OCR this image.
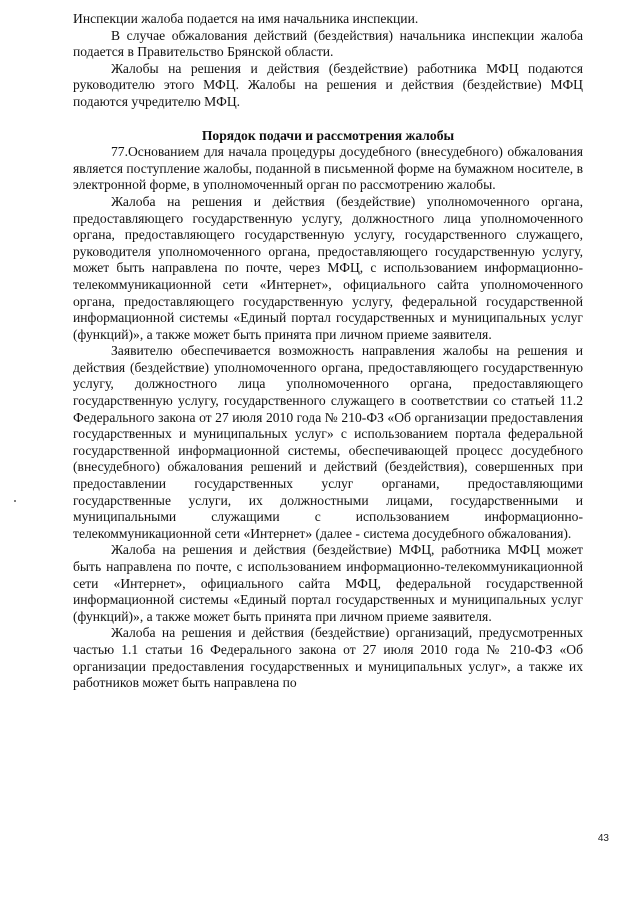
Инспекции жалоба подается на имя начальника инспекции.

В случае обжалования действий (бездействия) начальника инспекции жалоба подается в Правительство Брянской области.

Жалобы на решения и действия (бездействие) работника МФЦ подаются руководителю этого МФЦ. Жалобы на решения и действия (бездействие) МФЦ подаются учредителю МФЦ.

Порядок подачи и рассмотрения жалобы

77.Основанием для начала процедуры досудебного (внесудебного) обжалования является поступление жалобы, поданной в письменной форме на бумажном носителе, в электронной форме, в уполномоченный орган по рассмотрению жалобы.

Жалоба на решения и действия (бездействие) уполномоченного органа, предоставляющего государственную услугу, должностного лица уполномоченного органа, предоставляющего государственную услугу, государственного служащего, руководителя уполномоченного органа, предоставляющего государственную услугу, может быть направлена по почте, через МФЦ, с использованием информационно-телекоммуникационной сети «Интернет», официального сайта уполномоченного органа, предоставляющего государственную услугу, федеральной государственной информационной системы «Единый портал государственных и муниципальных услуг (функций)», а также может быть принята при личном приеме заявителя.

Заявителю обеспечивается возможность направления жалобы на решения и действия (бездействие) уполномоченного органа, предоставляющего государственную услугу, должностного лица уполномоченного органа, предоставляющего государственную услугу, государственного служащего в соответствии со статьей 11.2 Федерального закона от 27 июля 2010 года № 210-ФЗ «Об организации предоставления государственных и муниципальных услуг» с использованием портала федеральной государственной информационной системы, обеспечивающей процесс досудебного (внесудебного) обжалования решений и действий (бездействия), совершенных при предоставлении государственных услуг органами, предоставляющими государственные услуги, их должностными лицами, государственными и муниципальными служащими с использованием информационно-телекоммуникационной сети «Интернет» (далее - система досудебного обжалования).

Жалоба на решения и действия (бездействие) МФЦ, работника МФЦ может быть направлена по почте, с использованием информационно-телекоммуникационной сети «Интернет», официального сайта МФЦ, федеральной государственной информационной системы «Единый портал государственных и муниципальных услуг (функций)», а также может быть принята при личном приеме заявителя.

Жалоба на решения и действия (бездействие) организаций, предусмотренных частью 1.1 статьи 16 Федерального закона от 27 июля 2010 года № 210-ФЗ «Об организации предоставления государственных и муниципальных услуг», а также их работников может быть направлена по

43
